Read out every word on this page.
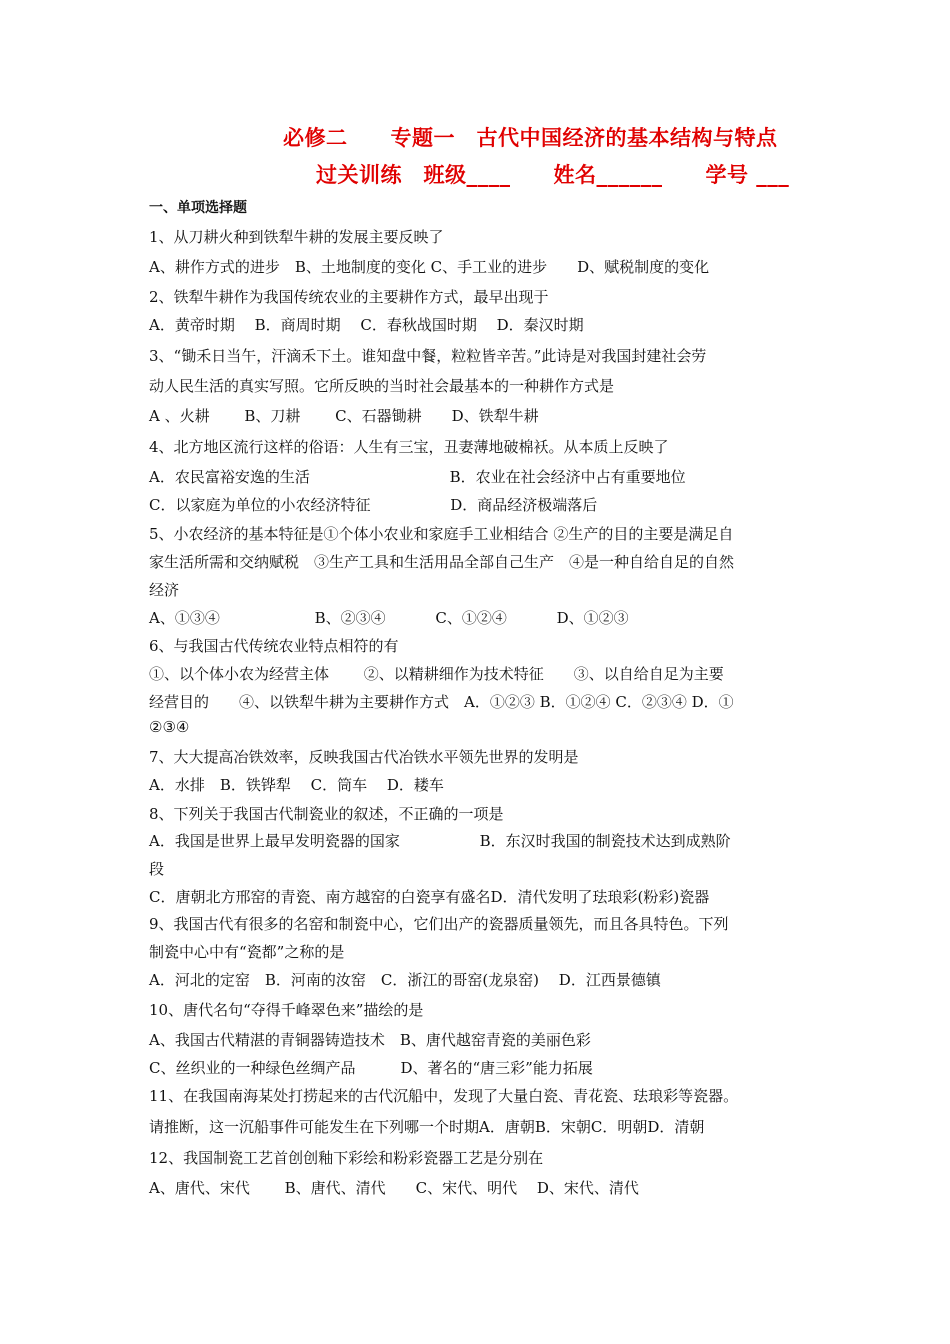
必修二　　专题一　古代中国经济的基本结构与特点
过关训练　班级____　　姓名______　　学号 ___
一、单项选择题
1、从刀耕火种到铁犁牛耕的发展主要反映了
A、耕作方式的进步　B、土地制度的变化 C、手工业的进步　　D、赋税制度的变化
2、铁犁牛耕作为我国传统农业的主要耕作方式，最早出现于
A．黄帝时期　 B．商周时期　 C．春秋战国时期　 D．秦汉时期
3、“锄禾日当午，汗滴禾下土。谁知盘中餐，粒粒皆辛苦。”此诗是对我国封建社会劳
动人民生活的真实写照。它所反映的当时社会最基本的一种耕作方式是
A 、火耕　　 B、刀耕　　 C、石器锄耕　　D、铁犁牛耕
4、北方地区流行这样的俗语：人生有三宝，丑妻薄地破棉袄。从本质上反映了
A．农民富裕安逸的生活　　　　　　　　　 B．农业在社会经济中占有重要地位
C．以家庭为单位的小农经济特征　　　　　 D．商品经济极端落后
5、小农经济的基本特征是①个体小农业和家庭手工业相结合 ②生产的目的主要是满足自
家生活所需和交纳赋税　③生产工具和生活用品全部自己生产　④是一种自给自足的自然
经济
A、①③④　　　　　　 B、②③④　　　 C、①②④　　　 D、①②③
6、与我国古代传统农业特点相符的有
①、以个体小农为经营主体　　 ②、以精耕细作为技术特征　　③、以自给自足为主要
经营目的　　④、以铁犁牛耕为主要耕作方式　A．①②③ B．①②④ C．②③④ D．①
②③④
7、大大提高冶铁效率，反映我国古代冶铁水平领先世界的发明是
A．水排　B．铁铧犁　 C．筒车　 D．耧车
8、下列关于我国古代制瓷业的叙述，不正确的一项是
A．我国是世界上最早发明瓷器的国家　　　　　 B．东汉时我国的制瓷技术达到成熟阶
段
C．唐朝北方邢窑的青瓷、南方越窑的白瓷享有盛名D．清代发明了珐琅彩(粉彩)瓷器
9、我国古代有很多的名窑和制瓷中心，它们出产的瓷器质量领先，而且各具特色。下列
制瓷中心中有“瓷都”之称的是
A．河北的定窑　B．河南的汝窑　C．浙江的哥窑(龙泉窑)　 D．江西景德镇
10、唐代名句“夺得千峰翠色来”描绘的是
A、我国古代精湛的青铜器铸造技术　B、唐代越窑青瓷的美丽色彩
C、丝织业的一种绿色丝绸产品　　　D、著名的“唐三彩”能力拓展
11、在我国南海某处打捞起来的古代沉船中，发现了大量白瓷、青花瓷、珐琅彩等瓷器。
请推断，这一沉船事件可能发生在下列哪一个时期A．唐朝B．宋朝C．明朝D．清朝
12、我国制瓷工艺首创创釉下彩绘和粉彩瓷器工艺是分别在
A、唐代、宋代　　 B、唐代、清代　　C、宋代、明代　 D、宋代、清代
